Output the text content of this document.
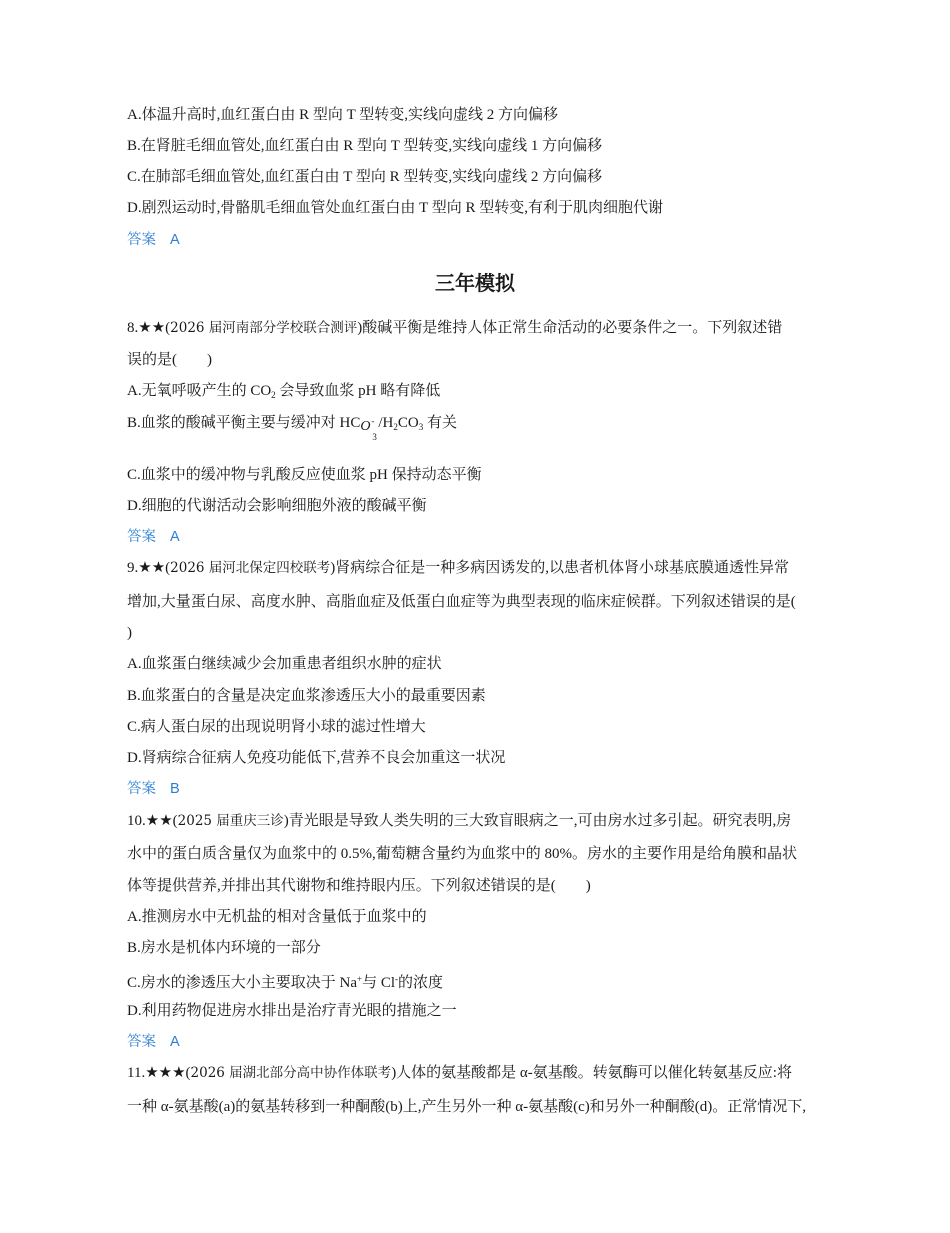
A.体温升高时,血红蛋白由 R 型向 T 型转变,实线向虚线 2 方向偏移
B.在肾脏毛细血管处,血红蛋白由 R 型向 T 型转变,实线向虚线 1 方向偏移
C.在肺部毛细血管处,血红蛋白由 T 型向 R 型转变,实线向虚线 2 方向偏移
D.剧烈运动时,骨骼肌毛细血管处血红蛋白由 T 型向 R 型转变,有利于肌肉细胞代谢
答案 A
三年模拟
8.★★(2026 届河南部分学校联合测评)酸碱平衡是维持人体正常生命活动的必要条件之一。下列叙述错
误的是(　　)
A.无氧呼吸产生的 $CO_2$ 会导致血浆 pH 略有降低
B.血浆的酸碱平衡主要与缓冲对 HC O
3
- $/H_2CO_3$ 有关
C.血浆中的缓冲物与乳酸反应使血浆 pH 保持动态平衡
D.细胞的代谢活动会影响细胞外液的酸碱平衡
答案 A
9.★★(2026 届河北保定四校联考)肾病综合征是一种多病因诱发的,以患者机体肾小球基底膜通透性异常
增加,大量蛋白尿、高度水肿、高脂血症及低蛋白血症等为典型表现的临床症候群。下列叙述错误的是(
)
A.血浆蛋白继续减少会加重患者组织水肿的症状
B.血浆蛋白的含量是决定血浆渗透压大小的最重要因素
C.病人蛋白尿的出现说明肾小球的滤过性增大
D.肾病综合征病人免疫功能低下,营养不良会加重这一状况
答案 B
10.★★(2025 届重庆三诊)青光眼是导致人类失明的三大致盲眼病之一,可由房水过多引起。研究表明,房
水中的蛋白质含量仅为血浆中的 0.5%,葡萄糖含量约为血浆中的 80%。房水的主要作用是给角膜和晶状
体等提供营养,并排出其代谢物和维持眼内压。下列叙述错误的是(　　)
A.推测房水中无机盐的相对含量低于血浆中的
B.房水是机体内环境的一部分
C.房水的渗透压大小主要取决于 Na+与 Cl-的浓度
D.利用药物促进房水排出是治疗青光眼的措施之一
答案 A
11.★★★(2026 届湖北部分高中协作体联考)人体的氨基酸都是 α-氨基酸。转氨酶可以催化转氨基反应:将
一种 α-氨基酸(a)的氨基转移到一种酮酸(b)上,产生另外一种 α-氨基酸(c)和另外一种酮酸(d)。正常情况下,
